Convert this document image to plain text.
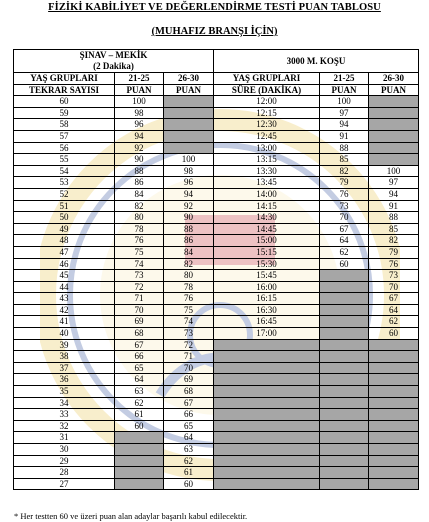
FİZİKİ KABİLİYET VE DEĞERLENDİRME TESTİ PUAN TABLOSU
(MUHAFIZ BRANŞI İÇİN)
ŞINAV – MEKİK
(2 Dakika)			3000 M. KOŞU		
YAŞ GRUPLARI	21-25	26-30	YAŞ GRUPLARI	21-25	26-30
TEKRAR SAYISI	PUAN	PUAN	SÜRE (DAKİKA)	PUAN	PUAN
60	100		12:00	100	
59	98		12:15	97	
58	96		12:30	94	
57	94		12:45	91	
56	92		13:00	88	
55	90	100	13:15	85	
54	88	98	13:30	82	100
53	86	96	13:45	79	97
52	84	94	14:00	76	94
51	82	92	14:15	73	91
50	80	90	14:30	70	88
49	78	88	14:45	67	85
48	76	86	15:00	64	82
47	75	84	15:15	62	79
46	74	82	15:30	60	76
45	73	80	15:45		73
44	72	78	16:00		70
43	71	76	16:15		67
42	70	75	16:30		64
41	69	74	16:45		62
40	68	73	17:00		60
39	67	72			
38	66	71			
37	65	70			
36	64	69			
35	63	68			
34	62	67			
33	61	66			
32	60	65			
31		64			
30		63			
29		62			
28		61			
27		60			
* Her testten 60 ve üzeri puan alan adaylar başarılı kabul edilecektir.
